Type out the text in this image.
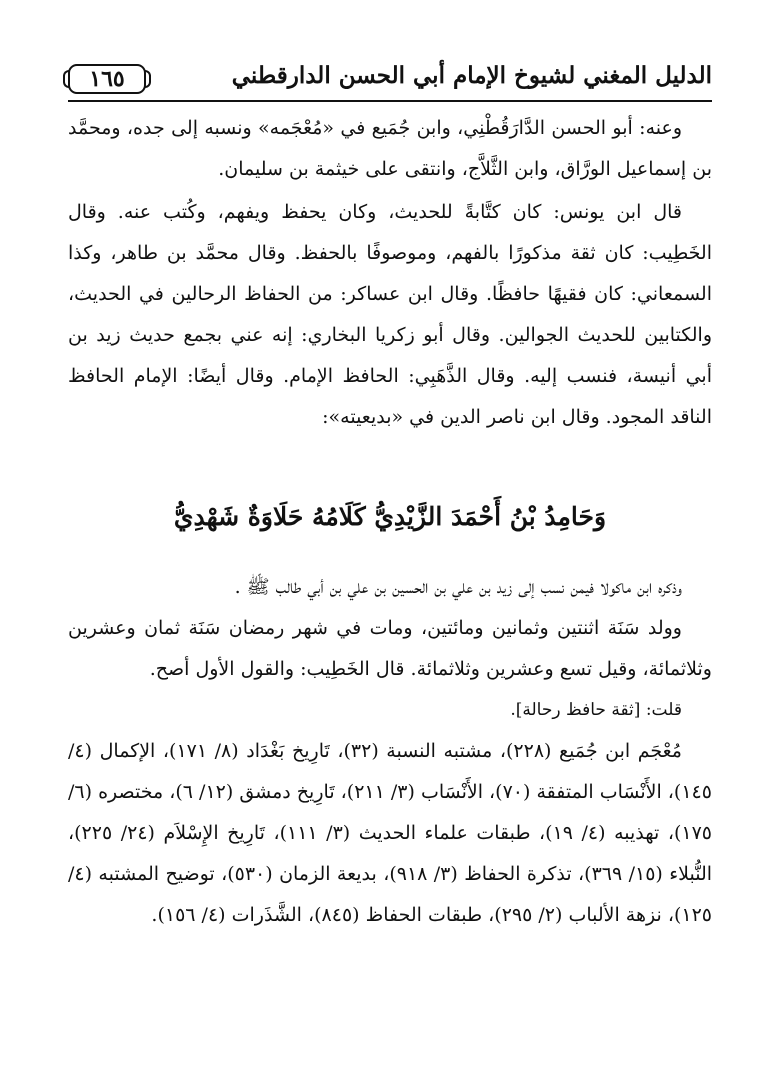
الدليل المغني لشيوخ الإمام أبي الحسن الدارقطني
١٦٥

وعنه: أبو الحسن الدَّارَقُطْنِي، وابن جُمَيع في «مُعْجَمه» ونسبه إلى جده، ومحمَّد بن إسماعيل الورَّاق، وابن الثَّلاَّج، وانتقى على خيثمة بن سليمان.

قال ابن يونس: كان كتَّابةً للحديث، وكان يحفظ ويفهم، وكُتب عنه. وقال الخَطِيب: كان ثقة مذكورًا بالفهم، وموصوفًا بالحفظ. وقال محمَّد بن طاهر، وكذا السمعاني: كان فقيهًا حافظًا. وقال ابن عساكر: من الحفاظ الرحالين في الحديث، والكتابين للحديث الجوالين. وقال أبو زكريا البخاري: إنه عني بجمع حديث زيد بن أبي أنيسة، فنسب إليه. وقال الذَّهَبِي: الحافظ الإمام. وقال أيضًا: الإمام الحافظ الناقد المجود. وقال ابن ناصر الدين في «بديعيته»:

وَحَامِدُ بْنُ أَحْمَدَ الزَّيْدِيُّ كَلَامُهُ حَلَاوَةٌ شَهْدِيُّ

وذكره ابن ماكولا فيمن نسب إلى زيد بن علي بن الحسين بن علي بن أبي طالب ﷺ .

وولد سَنَة اثنتين وثمانين ومائتين، ومات في شهر رمضان سَنَة ثمان وعشرين وثلاثمائة، وقيل تسع وعشرين وثلاثمائة. قال الخَطِيب: والقول الأول أصح.

قلت: [ثقة حافظ رحالة].

مُعْجَم ابن جُمَيع (٢٢٨)، مشتبه النسبة (٣٢)، تَارِيخ بَغْدَاد (٨/ ١٧١)، الإكمال (٤/ ١٤٥)، الأَنْسَاب المتفقة (٧٠)، الأَنْسَاب (٣/ ٢١١)، تَارِيخ دمشق (١٢/ ٦)، مختصره (٦/ ١٧٥)، تهذيبه (٤/ ١٩)، طبقات علماء الحديث (٣/ ١١١)، تَارِيخ الإِسْلاَم (٢٤/ ٢٢٥)، النُّبلاء (١٥/ ٣٦٩)، تذكرة الحفاظ (٣/ ٩١٨)، بديعة الزمان (٥٣٠)، توضيح المشتبه (٤/ ١٢٥)، نزهة الألباب (٢/ ٢٩٥)، طبقات الحفاظ (٨٤٥)، الشَّذَرات (٤/ ١٥٦).
